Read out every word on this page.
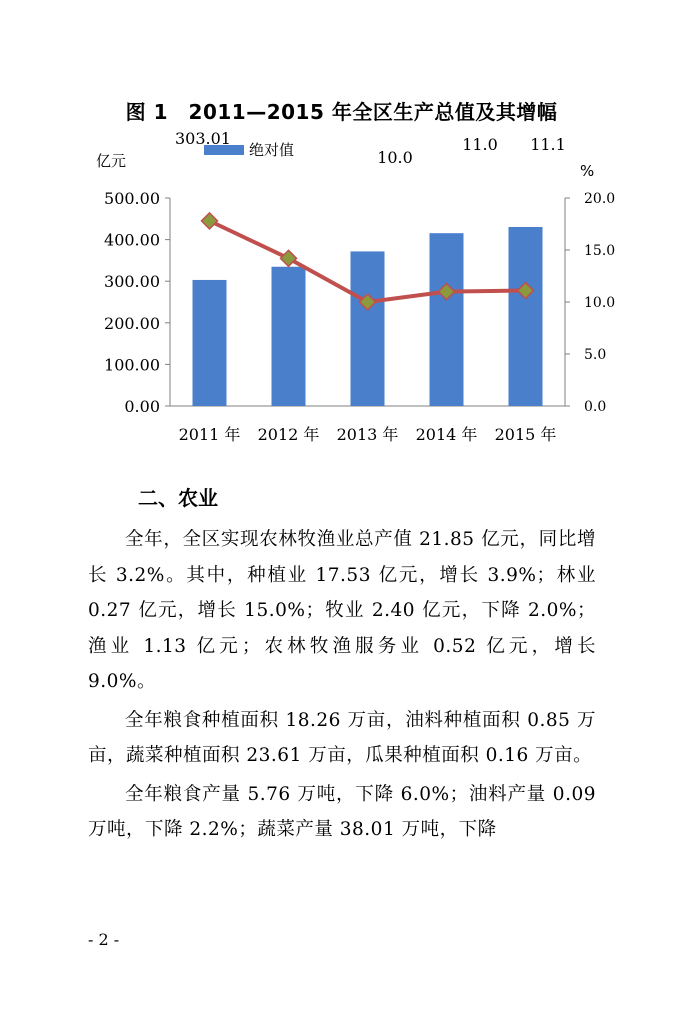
图 1　2011—2015 年全区生产总值及其增幅
0.00
100.00
200.00
300.00
400.00
500.00
0.0
5.0
10.0
15.0
20.0
亿元
%
绝对值
303.01
10.0
11.0 11.1
2011 年 2012 年 2013 年 2014 年 2015 年
二、农业

全年，全区实现农林牧渔业总产值 21.85 亿元，同比增长 3.2%。其中，种植业 17.53 亿元，增长 3.9%；林业 0.27 亿元，增长 15.0%；牧业 2.40 亿元，下降 2.0%；渔业 1.13 亿元；农林牧渔服务业 0.52 亿元，增长 9.0%。

全年粮食种植面积 18.26 万亩，油料种植面积 0.85 万亩，蔬菜种植面积 23.61 万亩，瓜果种植面积 0.16 万亩。

全年粮食产量 5.76 万吨，下降 6.0%；油料产量 0.09 万吨，下降 2.2%；蔬菜产量 38.01 万吨，下降

- 2 -
